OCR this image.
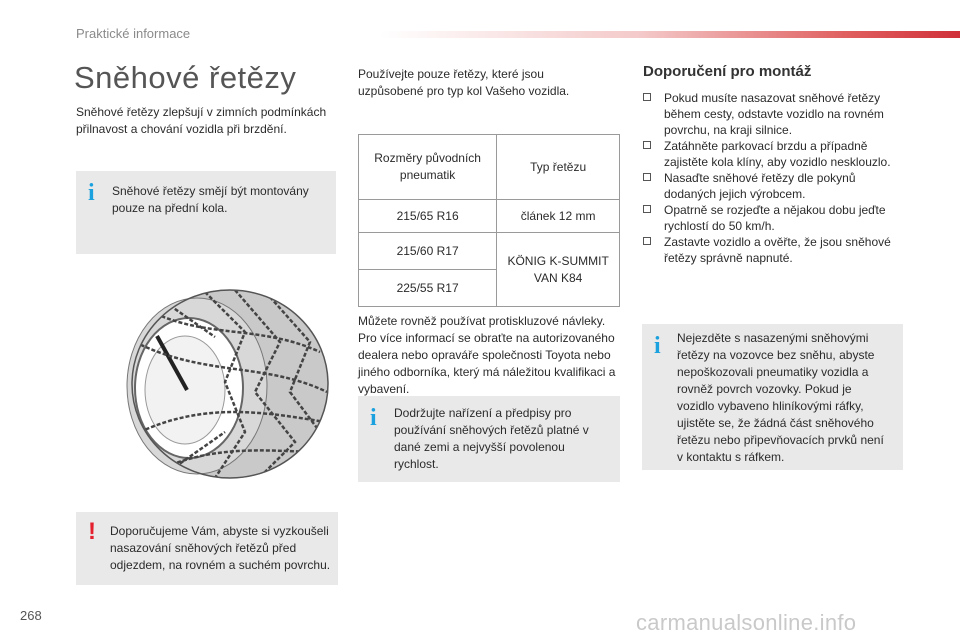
Praktické informace
Sněhové řetězy
Sněhové řetězy zlepšují v zimních podmínkách přilnavost a chování vozidla při brzdění.
i Sněhové řetězy smějí být montovány pouze na přední kola.
! Doporučujeme Vám, abyste si vyzkoušeli nasazování sněhových řetězů před odjezdem, na rovném a suchém povrchu.
Používejte pouze řetězy, které jsou uzpůsobené pro typ kol Vašeho vozidla.
Rozměry původních pneumatik	Typ řetězu
215/65 R16	článek 12 mm
215/60 R17	KÖNIG K-SUMMIT VAN K84

225/55 R17	
Můžete rovněž používat protiskluzové návleky. Pro více informací se obraťte na autorizovaného dealera nebo opraváře společnosti Toyota nebo jiného odborníka, který má náležitou kvalifikaci a vybavení.
i Dodržujte nařízení a předpisy pro používání sněhových řetězů platné v dané zemi a nejvyšší povolenou rychlost.
Doporučení pro montáž
Pokud musíte nasazovat sněhové řetězy během cesty, odstavte vozidlo na rovném povrchu, na kraji silnice.
Zatáhněte parkovací brzdu a případně zajistěte kola klíny, aby vozidlo nesklouzlo.
Nasaďte sněhové řetězy dle pokynů dodaných jejich výrobcem.
Opatrně se rozjeďte a nějakou dobu jeďte rychlostí do 50 km/h.
Zastavte vozidlo a ověřte, že jsou sněhové řetězy správně napnuté.
i Nejezděte s nasazenými sněhovými řetězy na vozovce bez sněhu, abyste nepoškozovali pneumatiky vozidla a rovněž povrch vozovky. Pokud je vozidlo vybaveno hliníkovými ráfky, ujistěte se, že žádná část sněhového řetězu nebo připevňovacích prvků není v kontaktu s ráfkem.
268	carmanualsonline.info
